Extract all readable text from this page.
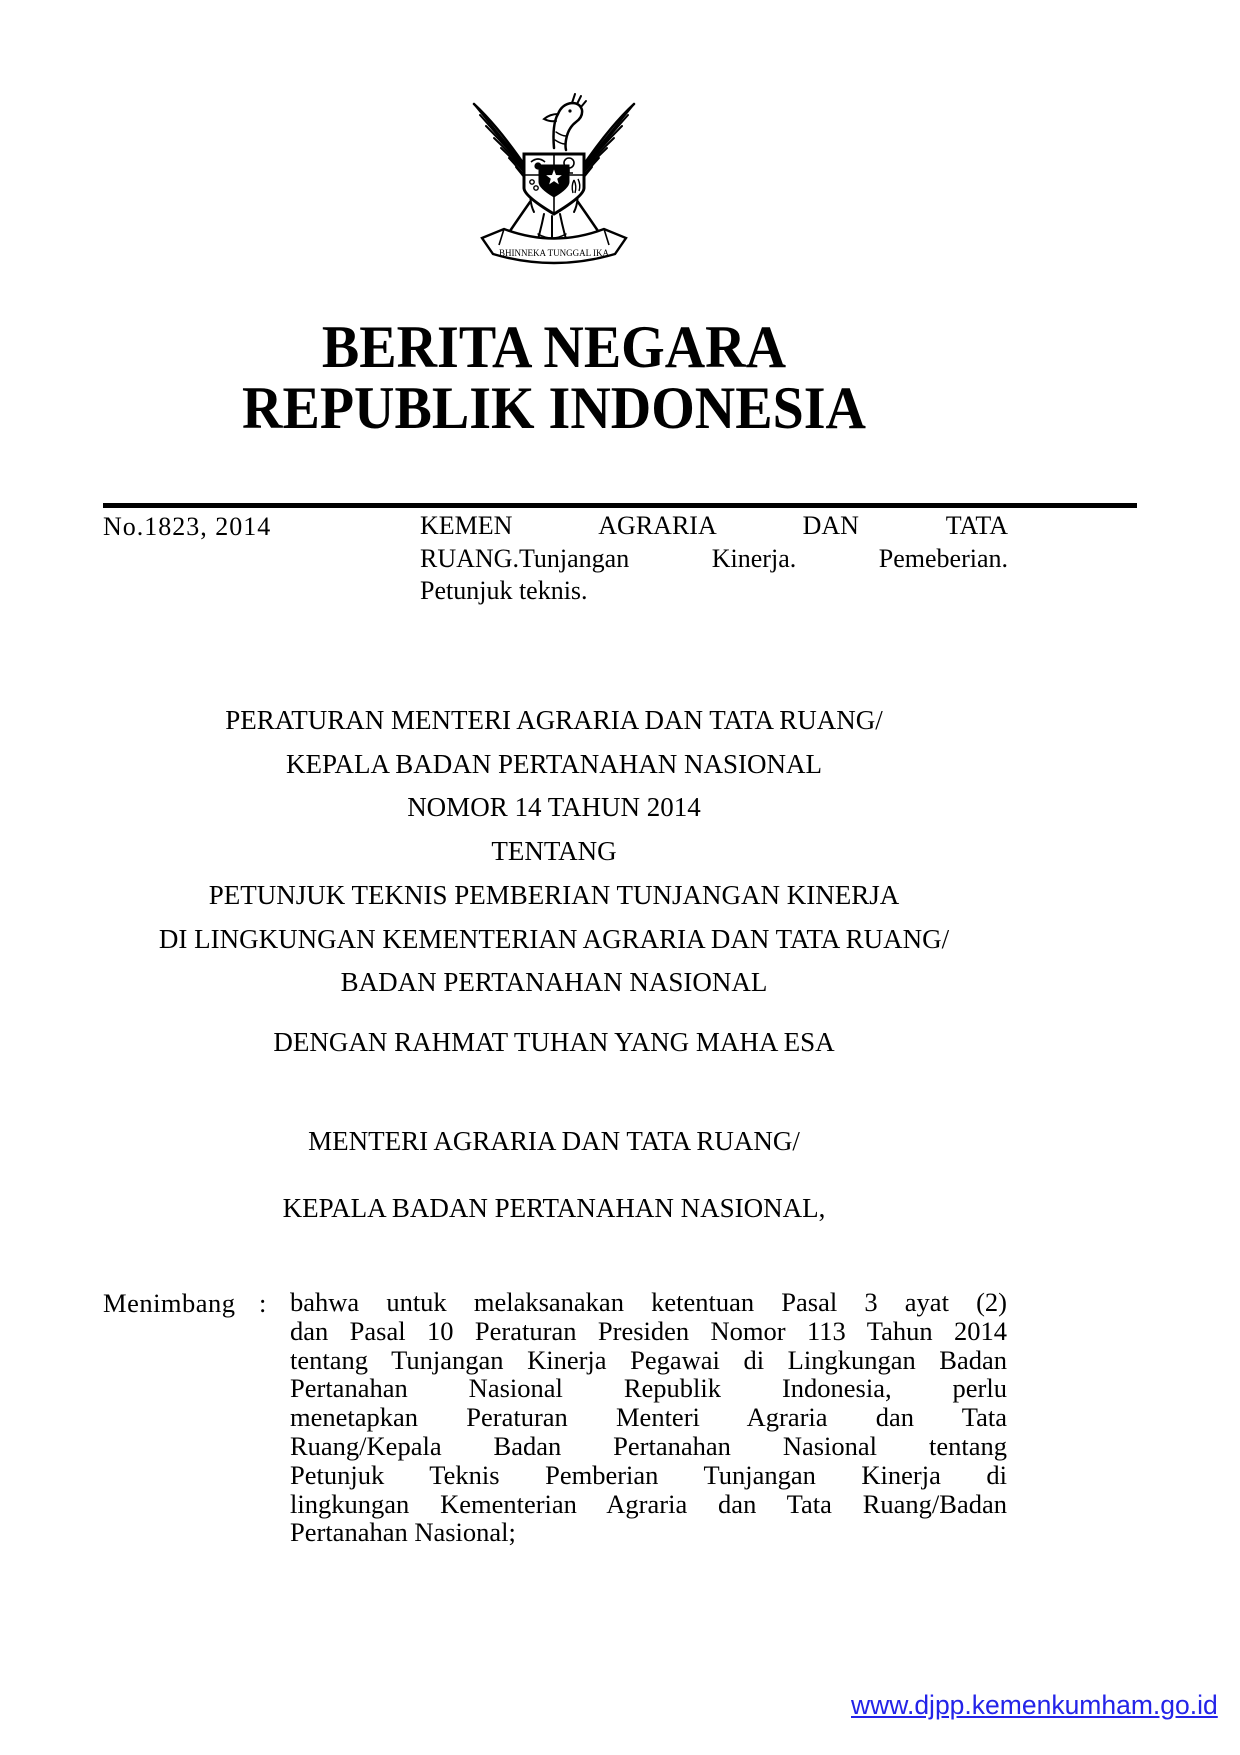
BHINNEKA TUNGGAL IKA
BERITA NEGARA
REPUBLIK INDONESIA
No.1823, 2014	KEMEN AGRARIA DAN TATA
RUANG.Tunjangan Kinerja. Pemeberian.
Petunjuk teknis.
PERATURAN MENTERI AGRARIA DAN TATA RUANG/
KEPALA BADAN PERTANAHAN NASIONAL
NOMOR 14 TAHUN 2014
TENTANG
PETUNJUK TEKNIS PEMBERIAN TUNJANGAN KINERJA
DI LINGKUNGAN KEMENTERIAN AGRARIA DAN TATA RUANG/
BADAN PERTANAHAN NASIONAL
DENGAN RAHMAT TUHAN YANG MAHA ESA
MENTERI AGRARIA DAN TATA RUANG/
KEPALA BADAN PERTANAHAN NASIONAL,
Menimbang : bahwa untuk melaksanakan ketentuan Pasal 3 ayat (2)
dan Pasal 10 Peraturan Presiden Nomor 113 Tahun 2014
tentang Tunjangan Kinerja Pegawai di Lingkungan Badan
Pertanahan Nasional Republik Indonesia, perlu
menetapkan Peraturan Menteri Agraria dan Tata
Ruang/Kepala Badan Pertanahan Nasional tentang
Petunjuk Teknis Pemberian Tunjangan Kinerja di
lingkungan Kementerian Agraria dan Tata Ruang/Badan
Pertanahan Nasional;
www.djpp.kemenkumham.go.id
